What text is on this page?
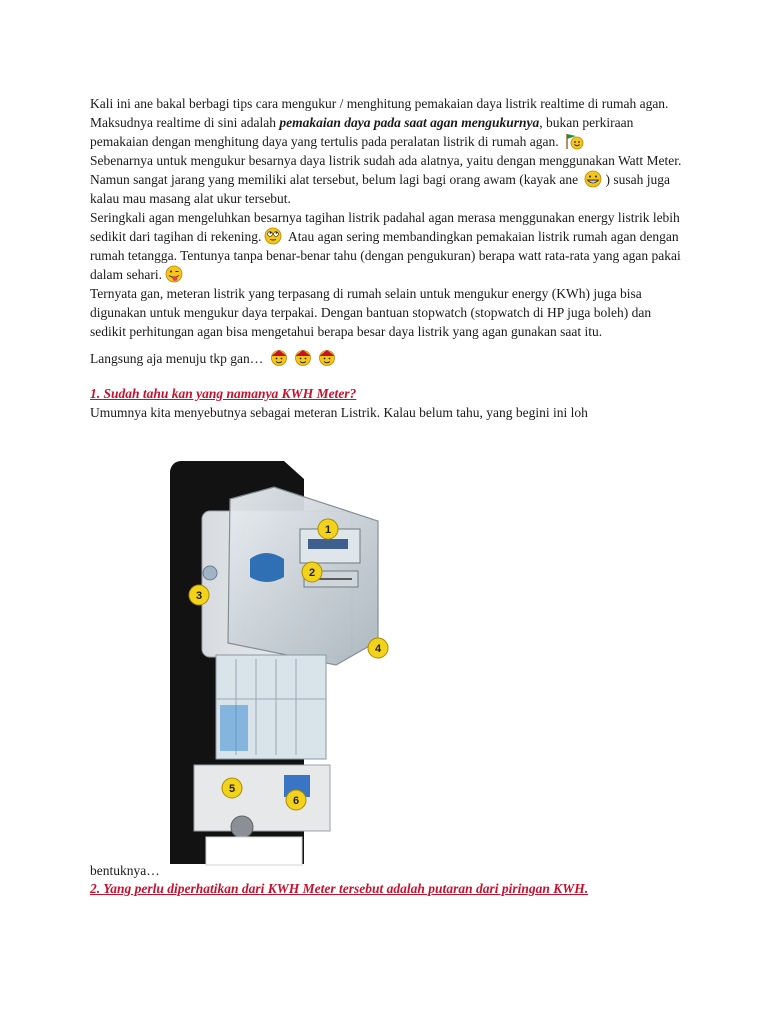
Kali ini ane bakal berbagi tips cara mengukur / menghitung pemakaian daya listrik realtime di rumah agan. Maksudnya realtime di sini adalah pemakaian daya pada saat agan mengukurnya, bukan perkiraan pemakaian dengan menghitung daya yang tertulis pada peralatan listrik di rumah agan.

Sebenarnya untuk mengukur besarnya daya listrik sudah ada alatnya, yaitu dengan menggunakan Watt Meter. Namun sangat jarang yang memiliki alat tersebut, belum lagi bagi orang awam (kayak ane ) susah juga kalau mau masang alat ukur tersebut.

Seringkali agan mengeluhkan besarnya tagihan listrik padahal agan merasa menggunakan energy listrik lebih sedikit dari tagihan di rekening. Atau agan sering membandingkan pemakaian listrik rumah agan dengan rumah tetangga. Tentunya tanpa benar-benar tahu (dengan pengukuran) berapa watt rata-rata yang agan pakai dalam sehari.

Ternyata gan, meteran listrik yang terpasang di rumah selain untuk mengukur energy (KWh) juga bisa digunakan untuk mengukur daya terpakai. Dengan bantuan stopwatch (stopwatch di HP juga boleh) dan sedikit perhitungan agan bisa mengetahui berapa besar daya listrik yang agan gunakan saat itu.

Langsung aja menuju tkp gan…

1. Sudah tahu kan yang namanya KWH Meter?

Umumnya kita menyebutnya sebagai meteran Listrik. Kalau belum tahu, yang begini ini loh

1
2
3
4
5
6

bentuknya…

2. Yang perlu diperhatikan dari KWH Meter tersebut adalah putaran dari piringan KWH.
